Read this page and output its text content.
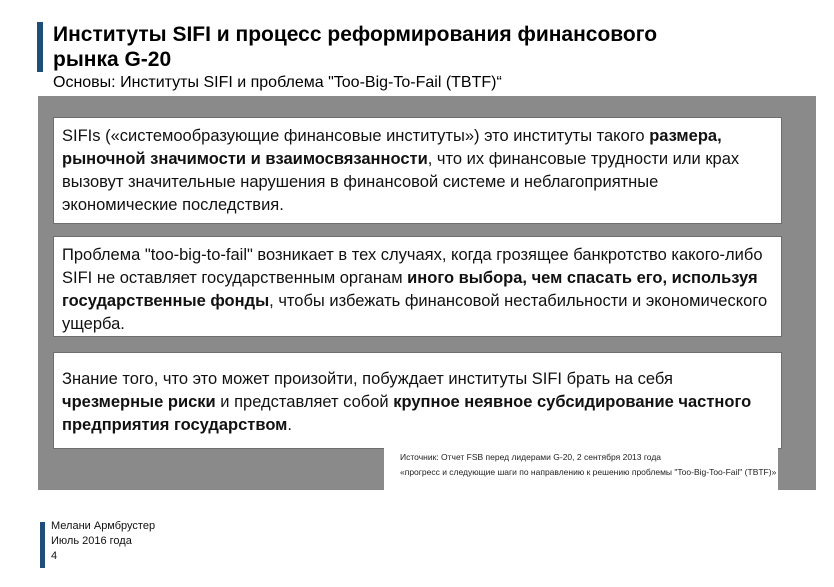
Институты SIFI и процесс реформирования финансового
рынка G-20
Основы: Институты SIFI и проблема "Too-Big-To-Fail (TBTF)“
SIFIs («системообразующие финансовые институты») это институты такого размера, рыночной значимости и взаимосвязанности, что их финансовые трудности или крах вызовут значительные нарушения в финансовой системе и неблагоприятные экономические последствия.
Проблема "too-big-to-fail" возникает в тех случаях, когда грозящее банкротство какого-либо SIFI не оставляет государственным органам иного выбора, чем спасать его, используя государственные фонды, чтобы избежать финансовой нестабильности и экономического ущерба.
Знание того, что это может произойти, побуждает институты SIFI брать на себя чрезмерные риски и представляет собой крупное неявное субсидирование частного предприятия государством.
Источник: Отчет FSB перед лидерами G-20, 2 сентября 2013 года
«прогресс и следующие шаги по направлению к решению проблемы "Too-Big-Too-Fail" (TBTF)»
Мелани Армбрустер
Июль 2016 года
4
